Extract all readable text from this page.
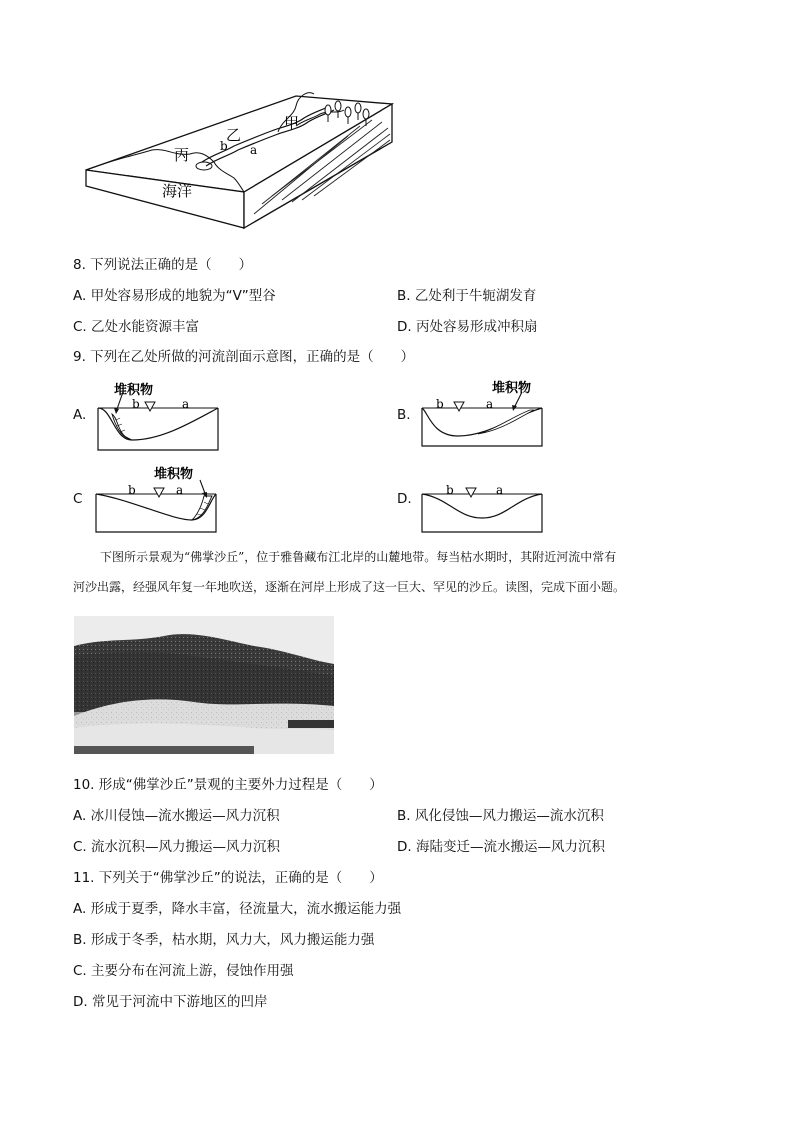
甲
乙
b a
丙
海洋
8. 下列说法正确的是（　　）
A. 甲处容易形成的地貌为“V”型谷	B. 乙处利于牛轭湖发育
C. 乙处水能资源丰富	D. 丙处容易形成冲积扇
9. 下列在乙处所做的河流剖面示意图，正确的是（　　）
A.
堆积物
b	a
B.
堆积物
b	a
C
堆积物
b	a
D.
b	a
下图所示景观为“佛掌沙丘”，位于雅鲁藏布江北岸的山麓地带。每当枯水期时，其附近河流中常有
河沙出露，经强风年复一年地吹送，逐渐在河岸上形成了这一巨大、罕见的沙丘。读图，完成下面小题。
10. 形成“佛掌沙丘”景观的主要外力过程是（　　）
A. 冰川侵蚀—流水搬运—风力沉积	B. 风化侵蚀—风力搬运—流水沉积
C. 流水沉积—风力搬运—风力沉积	D. 海陆变迁—流水搬运—风力沉积
11. 下列关于“佛掌沙丘”的说法，正确的是（　　）
A. 形成于夏季，降水丰富，径流量大，流水搬运能力强
B. 形成于冬季，枯水期，风力大，风力搬运能力强
C. 主要分布在河流上游，侵蚀作用强
D. 常见于河流中下游地区的凹岸
